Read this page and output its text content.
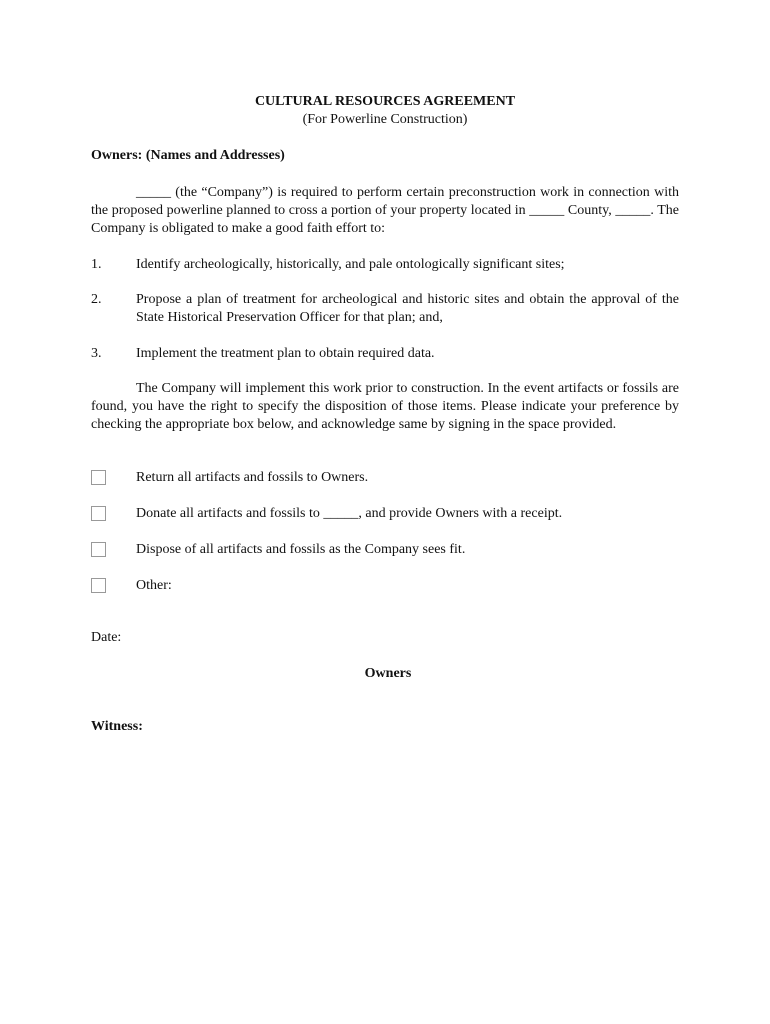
CULTURAL RESOURCES AGREEMENT
(For Powerline Construction)
Owners: (Names and Addresses)
_____ (the “Company”) is required to perform certain preconstruction work in connection with the proposed powerline planned to cross a portion of your property located in _____ County, _____. The Company is obligated to make a good faith effort to:
1. Identify archeologically, historically, and pale ontologically significant sites;
2. Propose a plan of treatment for archeological and historic sites and obtain the approval of the State Historical Preservation Officer for that plan; and,
3. Implement the treatment plan to obtain required data.
The Company will implement this work prior to construction. In the event artifacts or fossils are found, you have the right to specify the disposition of those items. Please indicate your preference by checking the appropriate box below, and acknowledge same by signing in the space provided.
Return all artifacts and fossils to Owners.
Donate all artifacts and fossils to _____, and provide Owners with a receipt.
Dispose of all artifacts and fossils as the Company sees fit.
Other:
Date:
Owners
Witness:
